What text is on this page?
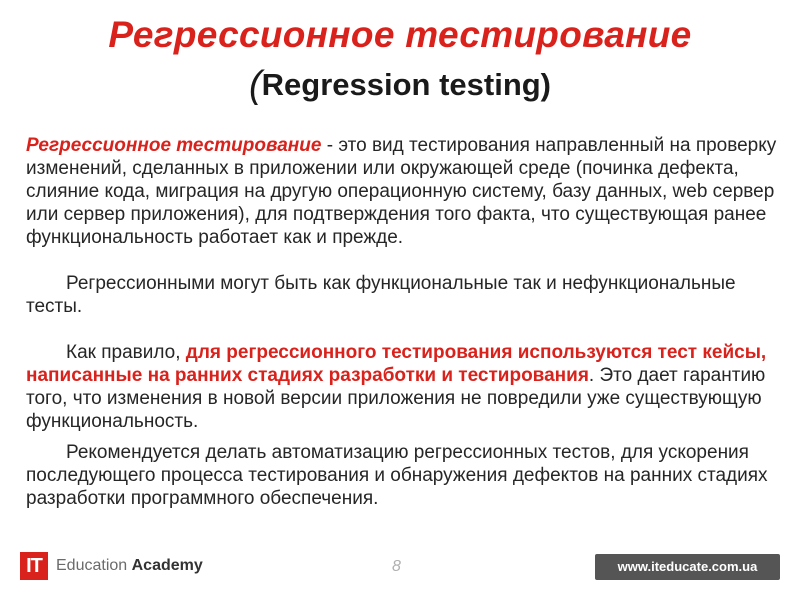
Регрессионное тестирование
(Regression testing)

Регрессионное тестирование - это вид тестирования направленный на проверку изменений, сделанных в приложении или окружающей среде (починка дефекта, слияние кода, миграция на другую операционную систему, базу данных, web сервер или сервер приложения), для подтверждения того факта, что существующая ранее функциональность работает как и прежде.

Регрессионными могут быть как функциональные так и нефункциональные тесты.

Как правило, для регрессионного тестирования используются тест кейсы, написанные на ранних стадиях разработки и тестирования. Это дает гарантию того, что изменения в новой версии приложения не повредили уже существующую функциональность.

Рекомендуется делать автоматизацию регрессионных тестов, для ускорения последующего процесса тестирования и обнаружения дефектов на ранних стадиях разработки программного обеспечения.

IT Education Academy	8	www.iteducate.com.ua
